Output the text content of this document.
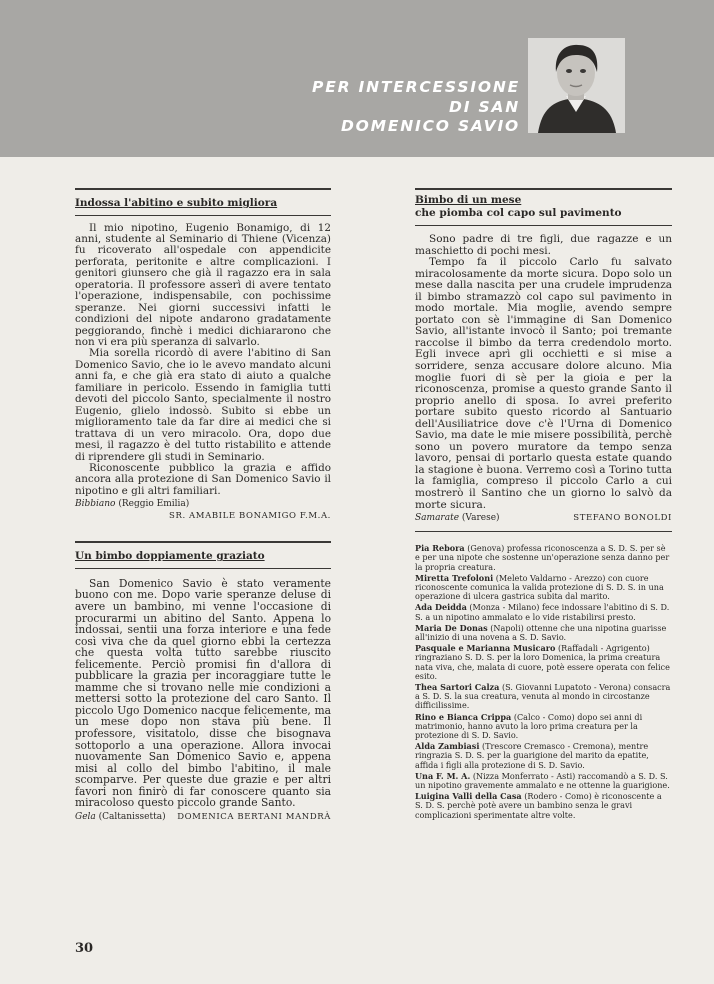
PER INTERCESSIONE
DI SAN
DOMENICO SAVIO
Indossa l'abitino e subito migliora

Il mio nipotino, Eugenio Bonamigo, di 12 anni, studente al Seminario di Thiene (Vicenza) fu ricoverato all'ospedale con appendicite perforata, peritonite e altre complicazioni. I genitori giunsero che già il ragazzo era in sala operatoria. Il professore asserì di avere tentato l'operazione, indispensabile, con pochissime speranze. Nei giorni successivi infatti le condizioni del nipote andarono gradatamente peggiorando, finchè i medici dichiararono che non vi era più speranza di salvarlo.

Mia sorella ricordò di avere l'abitino di San Domenico Savio, che io le avevo mandato alcuni anni fa, e che già era stato di aiuto a qualche familiare in pericolo. Essendo in famiglia tutti devoti del piccolo Santo, specialmente il nostro Eugenio, glielo indossò. Subito si ebbe un miglioramento tale da far dire ai medici che si trattava di un vero miracolo. Ora, dopo due mesi, il ragazzo è del tutto ristabilito e attende di riprendere gli studi in Seminario.

Riconoscente pubblico la grazia e affido ancora alla protezione di San Domenico Savio il nipotino e gli altri familiari.

Bibbiano (Reggio Emilia)
SR. AMABILE BONAMIGO F.M.A.
Un bimbo doppiamente graziato

San Domenico Savio è stato veramente buono con me. Dopo varie speranze deluse di avere un bambino, mi venne l'occasione di procurarmi un abitino del Santo. Appena lo indossai, sentii una forza interiore e una fede così viva che da quel giorno ebbi la certezza che questa volta tutto sarebbe riuscito felicemente. Perciò promisi fin d'allora di pubblicare la grazia per incoraggiare tutte le mamme che si trovano nelle mie condizioni a mettersi sotto la protezione del caro Santo. Il piccolo Ugo Domenico nacque felicemente, ma un mese dopo non stava più bene. Il professore, visitatolo, disse che bisognava sottoporlo a una operazione. Allora invocai nuovamente San Domenico Savio e, appena misi al collo del bimbo l'abitino, il male scomparve. Per queste due grazie e per altri favori non finirò di far conoscere quanto sia miracoloso questo piccolo grande Santo.

Gela (Caltanissetta) DOMENICA BERTANI MANDRÀ
Bimbo di un mese
che piomba col capo sul pavimento

Sono padre di tre figli, due ragazze e un maschietto di pochi mesi.

Tempo fa il piccolo Carlo fu salvato miracolosamente da morte sicura. Dopo solo un mese dalla nascita per una crudele imprudenza il bimbo stramazzò col capo sul pavimento in modo mortale. Mia moglie, avendo sempre portato con sè l'immagine di San Domenico Savio, all'istante invocò il Santo; poi tremante raccolse il bimbo da terra credendolo morto. Egli invece aprì gli occhietti e si mise a sorridere, senza accusare dolore alcuno. Mia moglie fuori di sè per la gioia e per la riconoscenza, promise a questo grande Santo il proprio anello di sposa. Io avrei preferito portare subito questo ricordo al Santuario dell'Ausiliatrice dove c'è l'Urna di Domenico Savio, ma date le mie misere possibilità, perchè sono un povero muratore da tempo senza lavoro, pensai di portarlo questa estate quando la stagione è buona. Verremo così a Torino tutta la famiglia, compreso il piccolo Carlo a cui mostrerò il Santino che un giorno lo salvò da morte sicura.

Samarate (Varese)	STEFANO BONOLDI
Pia Rebora (Genova) professa riconoscenza a S. D. S. per sè e per una nipote che sostenne un'operazione senza danno per la propria creatura.
Miretta Trefoloni (Meleto Valdarno - Arezzo) con cuore riconoscente comunica la valida protezione di S. D. S. in una operazione di ulcera gastrica subita dal marito.
Ada Deidda (Monza - Milano) fece indossare l'abitino di S. D. S. a un nipotino ammalato e lo vide ristabilirsi presto.
Maria De Donas (Napoli) ottenne che una nipotina guarisse all'inizio di una novena a S. D. Savio.
Pasquale e Marianna Musicaro (Raffadali - Agrigento) ringraziano S. D. S. per la loro Domenica, la prima creatura nata viva, che, malata di cuore, potè essere operata con felice esito.
Thea Sartori Calza (S. Giovanni Lupatoto - Verona) consacra a S. D. S. la sua creatura, venuta al mondo in circostanze difficilissime.
Rino e Bianca Crippa (Calco - Como) dopo sei anni di matrimonio, hanno avuto la loro prima creatura per la protezione di S. D. Savio.
Alda Zambiasi (Trescore Cremasco - Cremona), mentre ringrazia S. D. S. per la guarigione del marito da epatite, affida i figli alla protezione di S. D. Savio.
Una F. M. A. (Nizza Monferrato - Asti) raccomandò a S. D. S. un nipotino gravemente ammalato e ne ottenne la guarigione.
Luigina Valli della Casa (Rodero - Como) è riconoscente a S. D. S. perchè potè avere un bambino senza le gravi complicazioni sperimentate altre volte.
30
